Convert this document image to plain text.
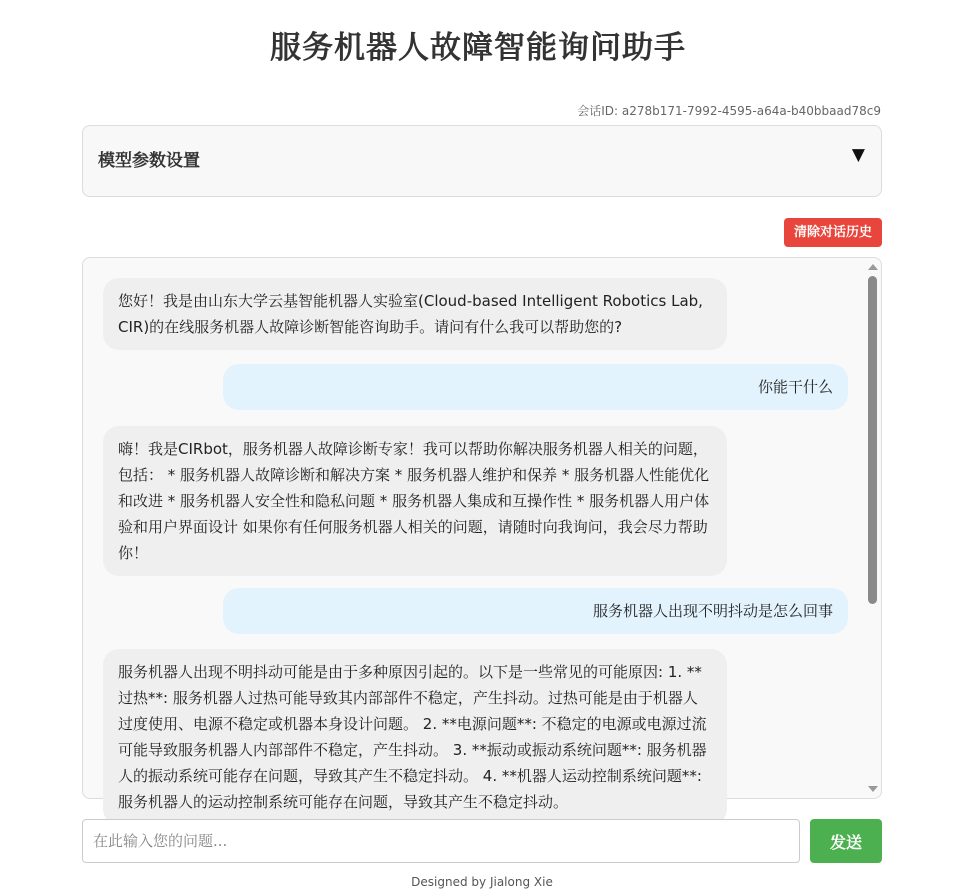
服务机器人故障智能询问助手
会话ID: a278b171-7992-4595-a64a-b40bbaad78c9
模型参数设置	▼
清除对话历史
您好！我是由山东大学云基智能机器人实验室(Cloud-based Intelligent Robotics Lab, CIR)的在线服务机器人故障诊断智能咨询助手。请问有什么我可以帮助您的?
你能干什么
嗨！我是CIRbot，服务机器人故障诊断专家！我可以帮助你解决服务机器人相关的问题，包括： * 服务机器人故障诊断和解决方案 * 服务机器人维护和保养 * 服务机器人性能优化和改进 * 服务机器人安全性和隐私问题 * 服务机器人集成和互操作性 * 服务机器人用户体验和用户界面设计 如果你有任何服务机器人相关的问题，请随时向我询问，我会尽力帮助你！
服务机器人出现不明抖动是怎么回事
服务机器人出现不明抖动可能是由于多种原因引起的。以下是一些常见的可能原因: 1. **过热**: 服务机器人过热可能导致其内部部件不稳定，产生抖动。过热可能是由于机器人过度使用、电源不稳定或机器本身设计问题。 2. **电源问题**: 不稳定的电源或电源过流可能导致服务机器人内部部件不稳定，产生抖动。 3. **振动或振动系统问题**: 服务机器人的振动系统可能存在问题，导致其产生不稳定抖动。 4. **机器人运动控制系统问题**: 服务机器人的运动控制系统可能存在问题，导致其产生不稳定抖动。
在此输入您的问题...
发送
Designed by Jialong Xie
